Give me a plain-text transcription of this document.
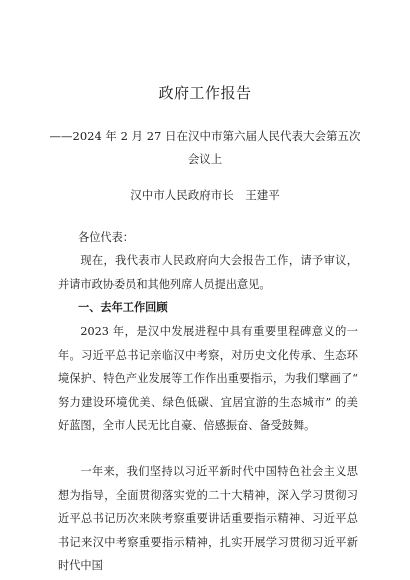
政府工作报告
——2024 年 2 月 27 日在汉中市第六届人民代表大会第五次
会议上
汉中市人民政府市长　王建平
各位代表：
现在，我代表市人民政府向大会报告工作，请予审议，并请市政协委员和其他列席人员提出意见。
一、去年工作回顾
2023 年，是汉中发展进程中具有重要里程碑意义的一年。习近平总书记亲临汉中考察，对历史文化传承、生态环境保护、特色产业发展等工作作出重要指示，为我们擘画了“ 努力建设环境优美、绿色低碳、宜居宜游的生态城市” 的美好蓝图，全市人民无比自豪、倍感振奋、备受鼓舞。
一年来，我们坚持以习近平新时代中国特色社会主义思想为指导，全面贯彻落实党的二十大精神，深入学习贯彻习近平总书记历次来陕考察重要讲话重要指示精神、习近平总书记来汉中考察重要指示精神，扎实开展学习贯彻习近平新时代中国
